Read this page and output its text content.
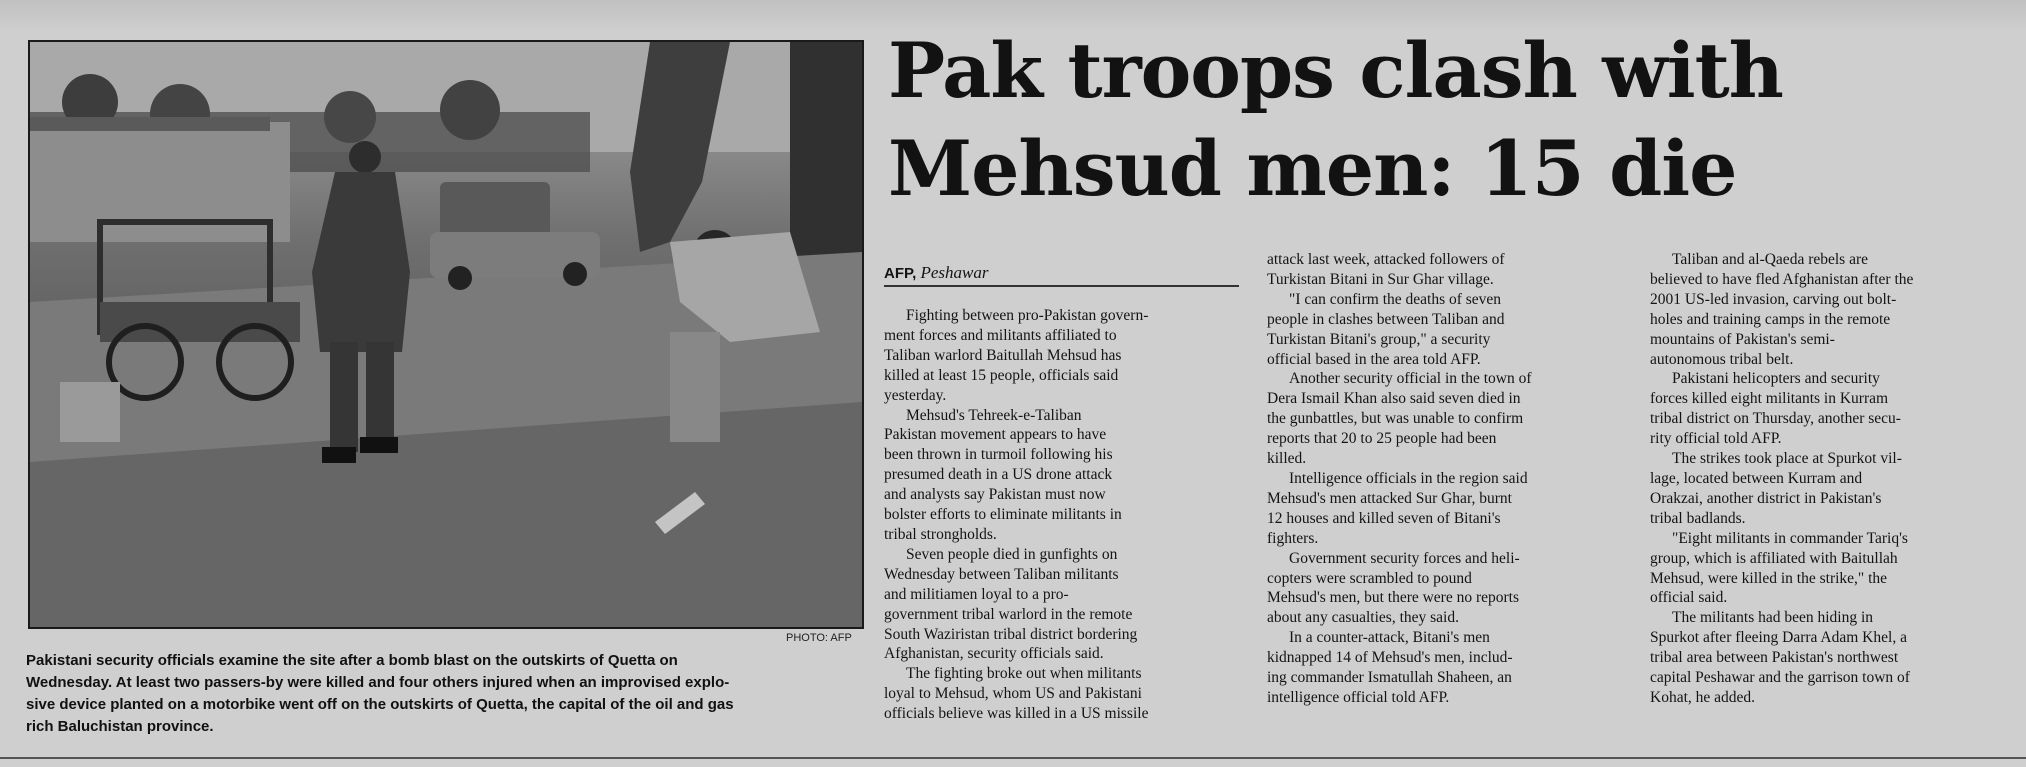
PHOTO: AFP
Pakistani security officials examine the site after a bomb blast on the outskirts of Quetta on
Wednesday. At least two passers-by were killed and four others injured when an improvised explo-
sive device planted on a motorbike went off on the outskirts of Quetta, the capital of the oil and gas
rich Baluchistan province.
Pak troops clash with
Mehsud men: 15 die
AFP, Peshawar
Fighting between pro-Pakistan govern-
ment forces and militants affiliated to
Taliban warlord Baitullah Mehsud has
killed at least 15 people, officials said
yesterday.
Mehsud's Tehreek-e-Taliban
Pakistan movement appears to have
been thrown in turmoil following his
presumed death in a US drone attack
and analysts say Pakistan must now
bolster efforts to eliminate militants in
tribal strongholds.
Seven people died in gunfights on
Wednesday between Taliban militants
and militiamen loyal to a pro-
government tribal warlord in the remote
South Waziristan tribal district bordering
Afghanistan, security officials said.
The fighting broke out when militants
loyal to Mehsud, whom US and Pakistani
officials believe was killed in a US missile
attack last week, attacked followers of
Turkistan Bitani in Sur Ghar village.
"I can confirm the deaths of seven
people in clashes between Taliban and
Turkistan Bitani's group," a security
official based in the area told AFP.
Another security official in the town of
Dera Ismail Khan also said seven died in
the gunbattles, but was unable to confirm
reports that 20 to 25 people had been
killed.
Intelligence officials in the region said
Mehsud's men attacked Sur Ghar, burnt
12 houses and killed seven of Bitani's
fighters.
Government security forces and heli-
copters were scrambled to pound
Mehsud's men, but there were no reports
about any casualties, they said.
In a counter-attack, Bitani's men
kidnapped 14 of Mehsud's men, includ-
ing commander Ismatullah Shaheen, an
intelligence official told AFP.
Taliban and al-Qaeda rebels are
believed to have fled Afghanistan after the
2001 US-led invasion, carving out bolt-
holes and training camps in the remote
mountains of Pakistan's semi-
autonomous tribal belt.
Pakistani helicopters and security
forces killed eight militants in Kurram
tribal district on Thursday, another secu-
rity official told AFP.
The strikes took place at Spurkot vil-
lage, located between Kurram and
Orakzai, another district in Pakistan's
tribal badlands.
"Eight militants in commander Tariq's
group, which is affiliated with Baitullah
Mehsud, were killed in the strike," the
official said.
The militants had been hiding in
Spurkot after fleeing Darra Adam Khel, a
tribal area between Pakistan's northwest
capital Peshawar and the garrison town of
Kohat, he added.
